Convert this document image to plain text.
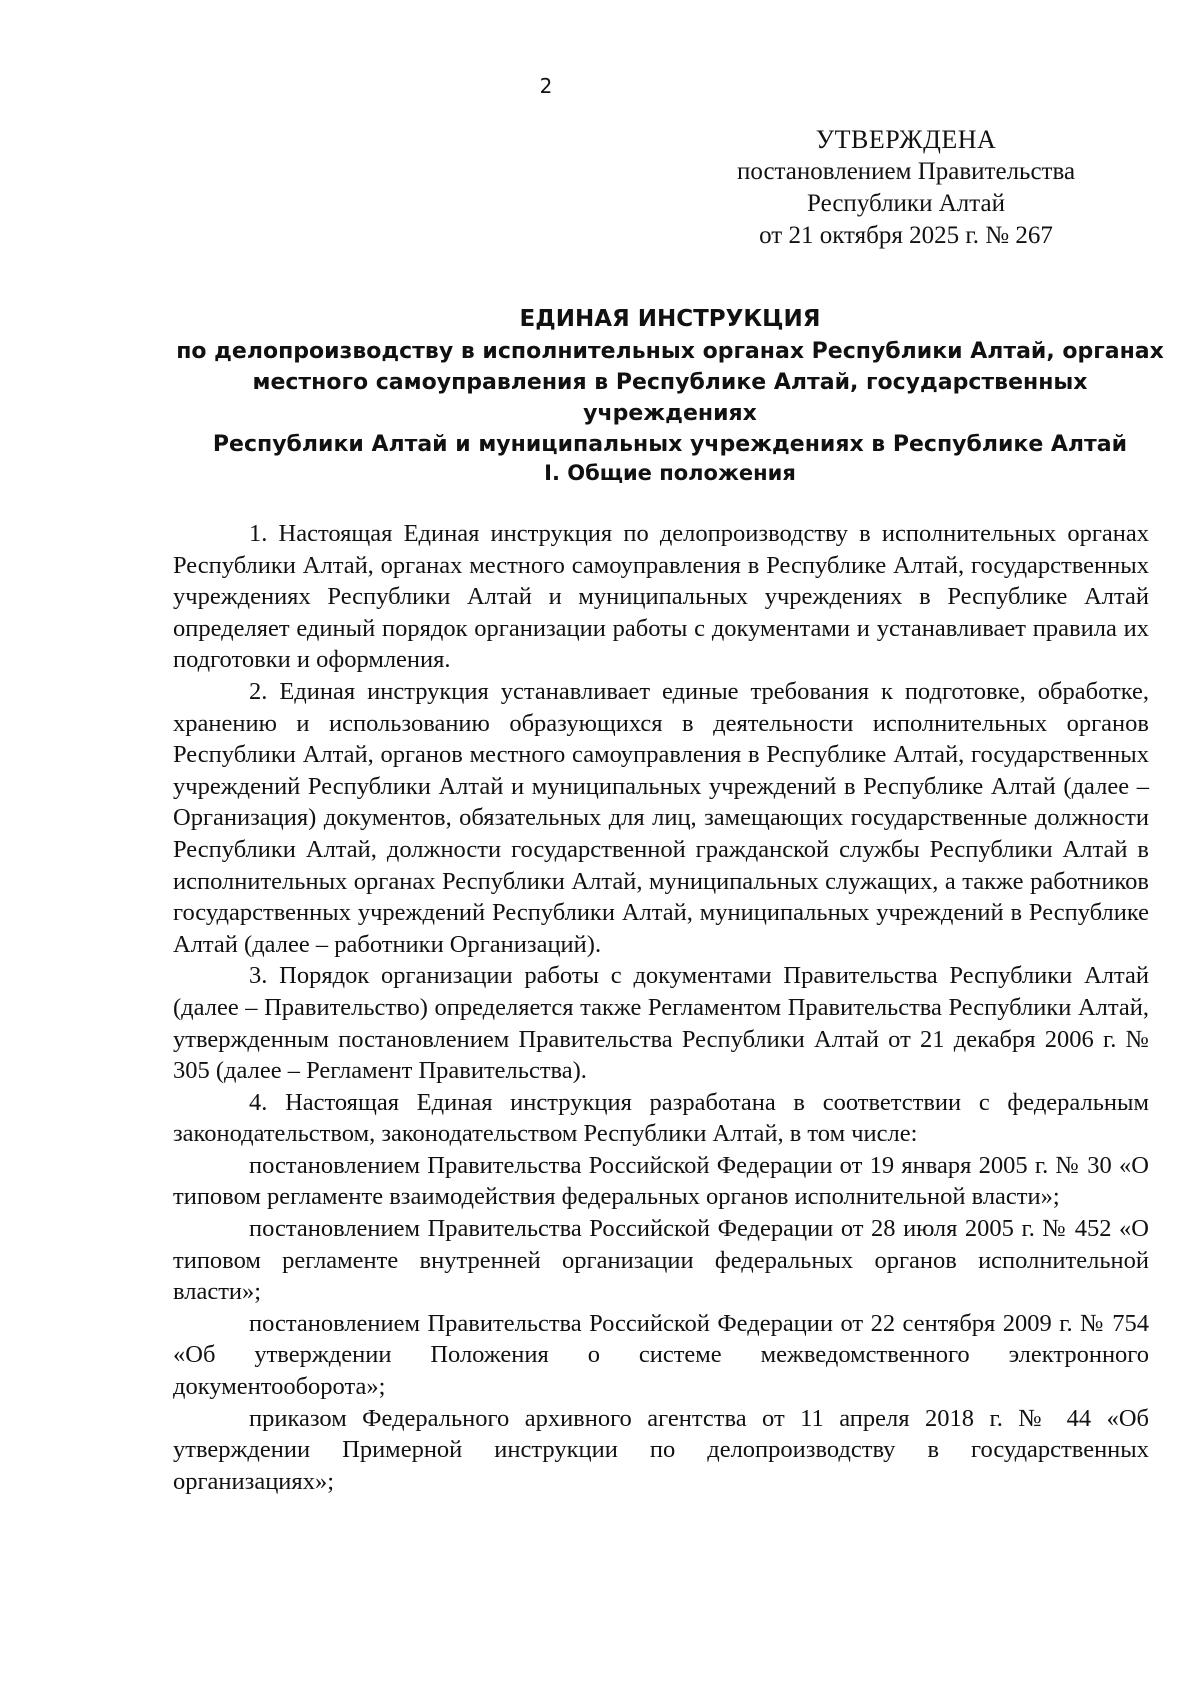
2
УТВЕРЖДЕНА
постановлением Правительства
Республики Алтай
от 21 октября 2025 г. № 267
ЕДИНАЯ ИНСТРУКЦИЯ
по делопроизводству в исполнительных органах Республики Алтай, органах
местного самоуправления в Республике Алтай, государственных учреждениях
Республики Алтай и муниципальных учреждениях в Республике Алтай
I. Общие положения

1. Настоящая Единая инструкция по делопроизводству в исполнительных органах Республики Алтай, органах местного самоуправления в Республике Алтай, государственных учреждениях Республики Алтай и муниципальных учреждениях в Республике Алтай определяет единый порядок организации работы с документами и устанавливает правила их подготовки и оформления.

2. Единая инструкция устанавливает единые требования к подготовке, обработке, хранению и использованию образующихся в деятельности исполнительных органов Республики Алтай, органов местного самоуправления в Республике Алтай, государственных учреждений Республики Алтай и муниципальных учреждений в Республике Алтай (далее – Организация) документов, обязательных для лиц, замещающих государственные должности Республики Алтай, должности государственной гражданской службы Республики Алтай в исполнительных органах Республики Алтай, муниципальных служащих, а также работников государственных учреждений Республики Алтай, муниципальных учреждений в Республике Алтай (далее – работники Организаций).

3. Порядок организации работы с документами Правительства Республики Алтай (далее – Правительство) определяется также Регламентом Правительства Республики Алтай, утвержденным постановлением Правительства Республики Алтай от 21 декабря 2006 г. № 305 (далее – Регламент Правительства).

4. Настоящая Единая инструкция разработана в соответствии с федеральным законодательством, законодательством Республики Алтай, в том числе:

постановлением Правительства Российской Федерации от 19 января 2005 г. № 30 «О типовом регламенте взаимодействия федеральных органов исполнительной власти»;

постановлением Правительства Российской Федерации от 28 июля 2005 г. № 452 «О типовом регламенте внутренней организации федеральных органов исполнительной власти»;

постановлением Правительства Российской Федерации от 22 сентября 2009 г. № 754 «Об утверждении Положения о системе межведомственного электронного документооборота»;

приказом Федерального архивного агентства от 11 апреля 2018 г. № 44 «Об утверждении Примерной инструкции по делопроизводству в государственных организациях»;
